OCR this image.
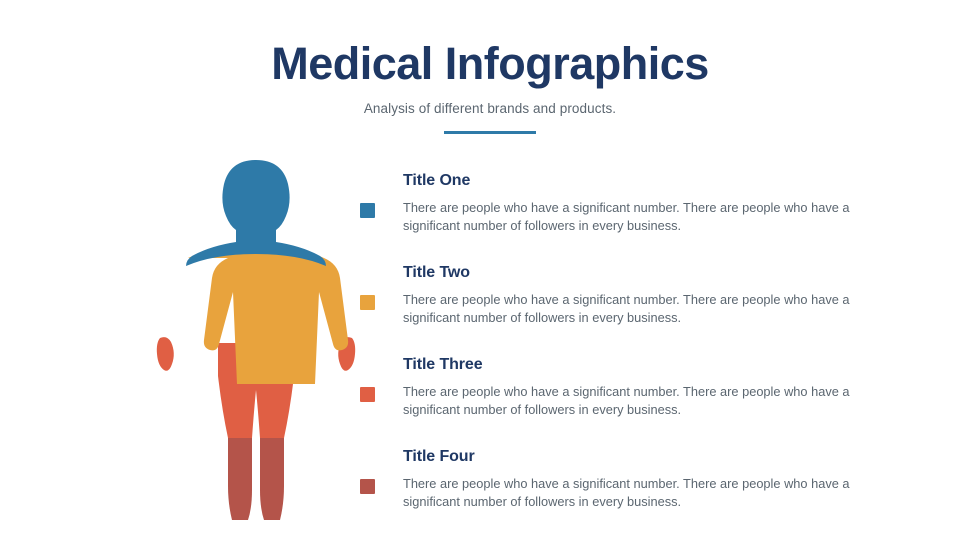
Medical Infographics
Analysis of different brands and products.
Title One

There are people who have a significant number. There are people who have a significant number of followers in every business.

Title Two

There are people who have a significant number. There are people who have a significant number of followers in every business.

Title Three

There are people who have a significant number. There are people who have a significant number of followers in every business.

Title Four

There are people who have a significant number. There are people who have a significant number of followers in every business.
